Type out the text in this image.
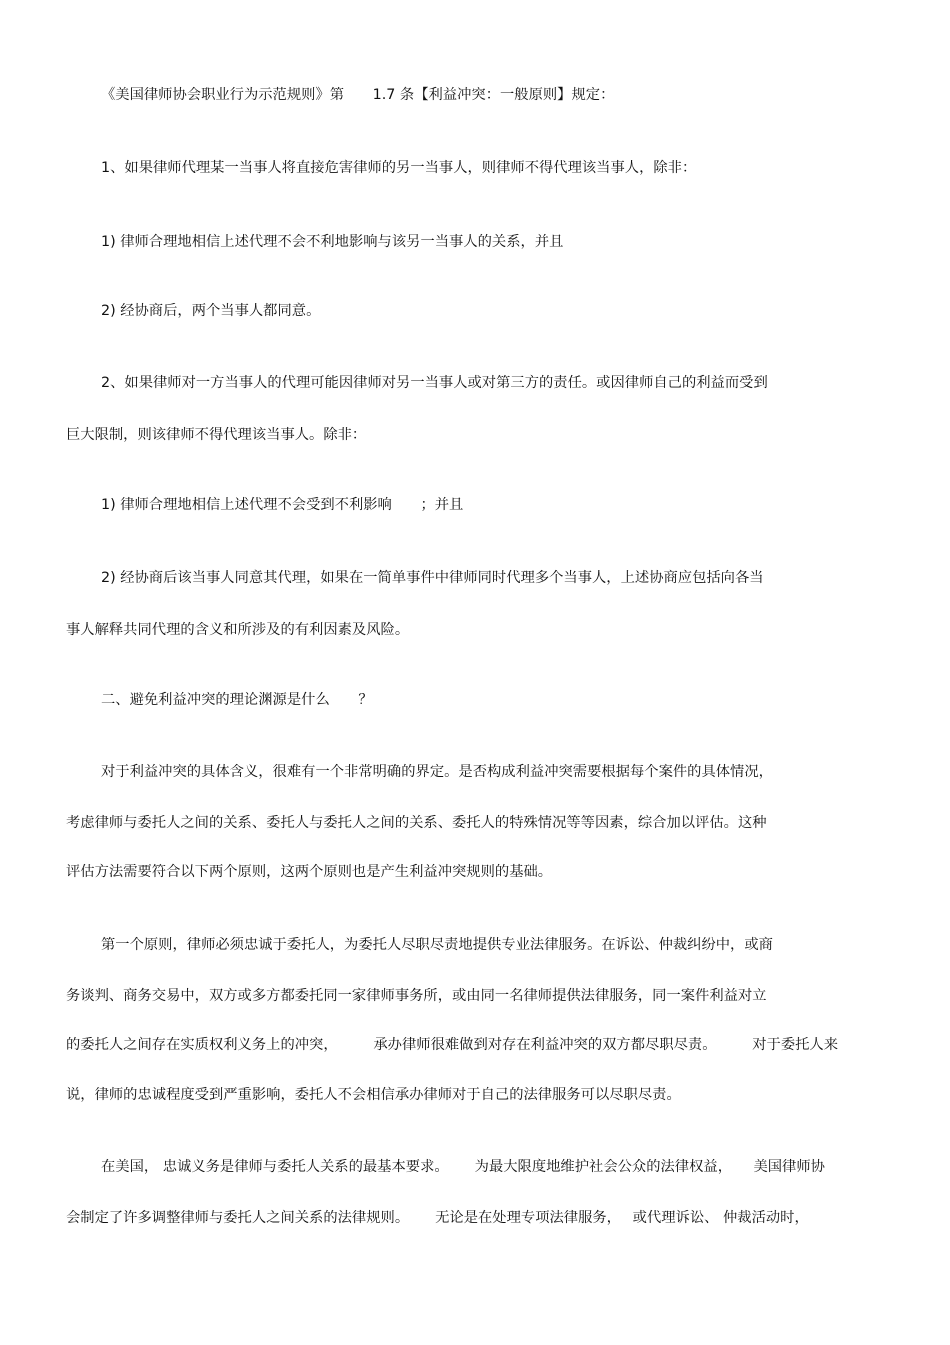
《美国律师协会职业行为示范规则》第　　1.7 条【利益冲突：一般原则】规定：
1、如果律师代理某一当事人将直接危害律师的另一当事人，则律师不得代理该当事人，除非：
1) 律师合理地相信上述代理不会不利地影响与该另一当事人的关系，并且
2) 经协商后，两个当事人都同意。
2、如果律师对一方当事人的代理可能因律师对另一当事人或对第三方的责任。或因律师自己的利益而受到
巨大限制，则该律师不得代理该当事人。除非：
1) 律师合理地相信上述代理不会受到不利影响　　；并且
2) 经协商后该当事人同意其代理，如果在一简单事件中律师同时代理多个当事人，上述协商应包括向各当
事人解释共同代理的含义和所涉及的有利因素及风险。
二、避免利益冲突的理论渊源是什么　　？
对于利益冲突的具体含义，很难有一个非常明确的界定。是否构成利益冲突需要根据每个案件的具体情况，
考虑律师与委托人之间的关系、委托人与委托人之间的关系、委托人的特殊情况等等因素，综合加以评估。这种
评估方法需要符合以下两个原则，这两个原则也是产生利益冲突规则的基础。
第一个原则，律师必须忠诚于委托人，为委托人尽职尽责地提供专业法律服务。在诉讼、仲裁纠纷中，或商
务谈判、商务交易中，双方或多方都委托同一家律师事务所，或由同一名律师提供法律服务，同一案件利益对立
的委托人之间存在实质权利义务上的冲突，　　　承办律师很难做到对存在利益冲突的双方都尽职尽责。　　　对于委托人来
说，律师的忠诚程度受到严重影响，委托人不会相信承办律师对于自己的法律服务可以尽职尽责。
在美国， 忠诚义务是律师与委托人关系的最基本要求。　　 为最大限度地维护社会公众的法律权益，　　美国律师协
会制定了许多调整律师与委托人之间关系的法律规则。　　 无论是在处理专项法律服务，　 或代理诉讼、 仲裁活动时，
